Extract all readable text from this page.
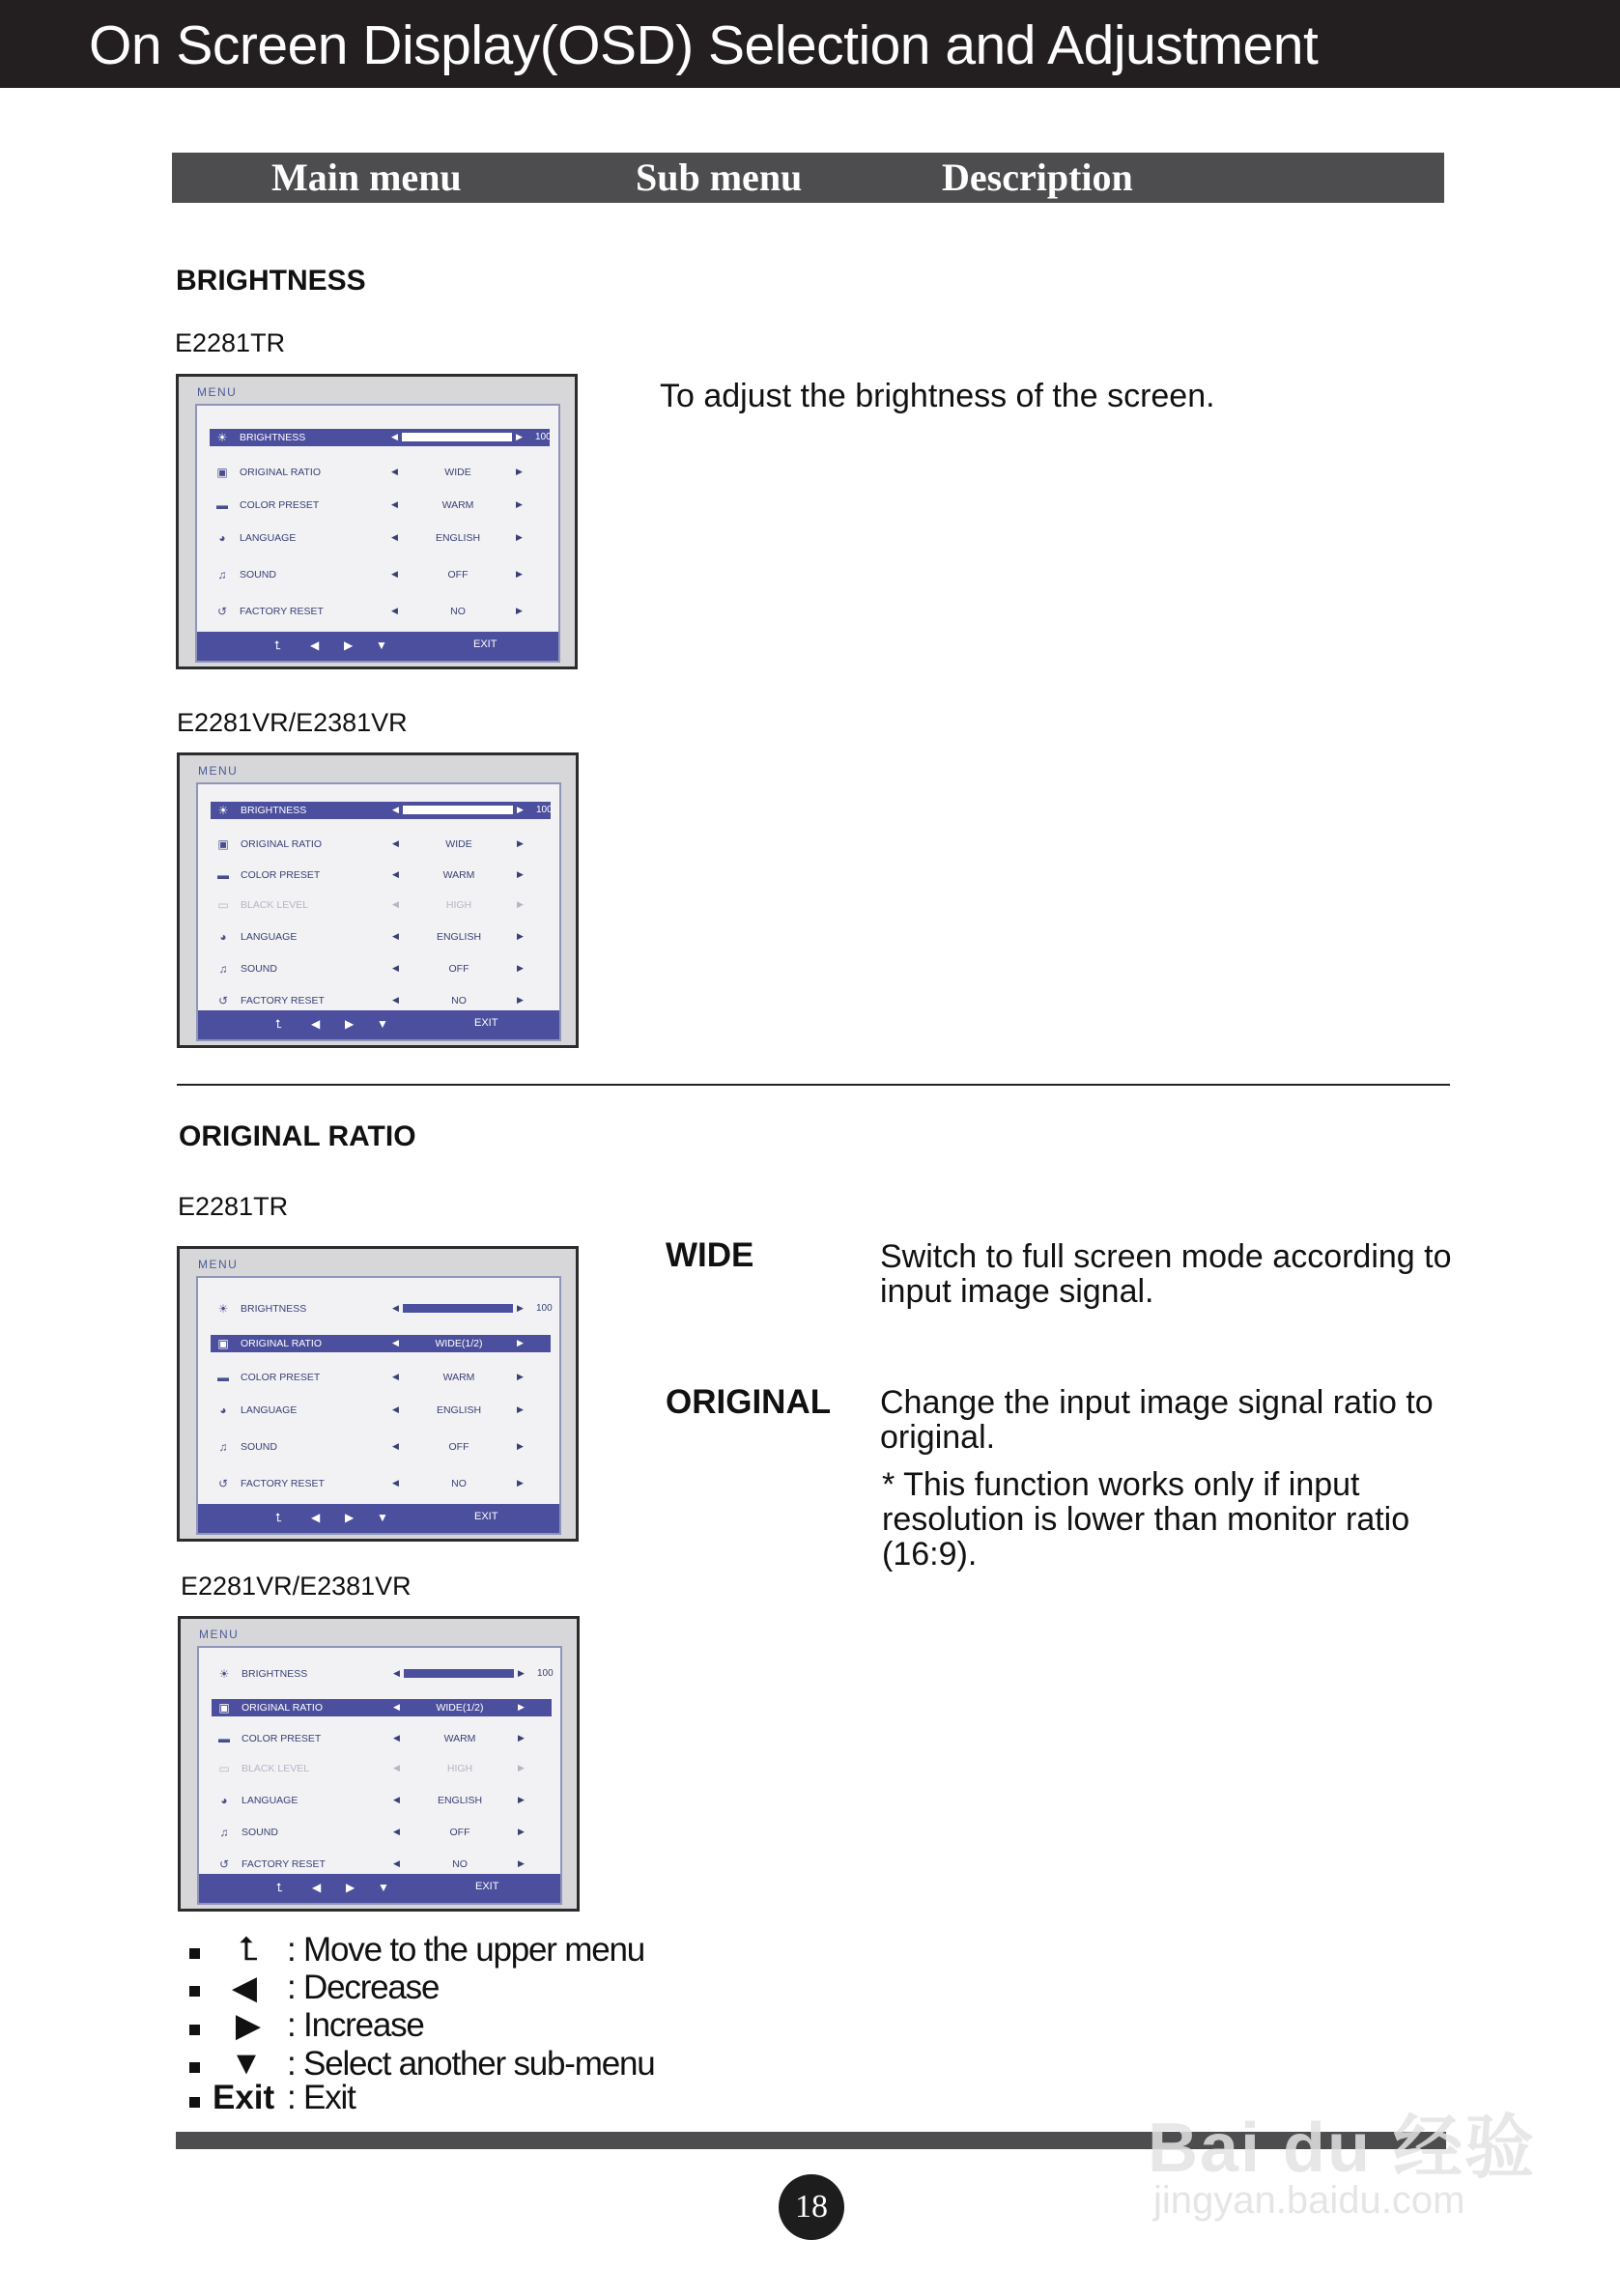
On Screen Display(OSD) Selection and Adjustment
Main menu	Sub menu	Description
BRIGHTNESS
E2281TR
To adjust the brightness of the screen.
MENU
☀ BRIGHTNESS	◀	▶ 100
▣ ORIGINAL RATIO	◀	WIDE	▶
▬ COLOR PRESET	◀	WARM	▶
◕	LANGUAGE	◀	ENGLISH	▶
♫ SOUND	◀	OFF	▶
↺ FACTORY RESET	◀	NO	▶
⮤ ◀ ▶ ▼	EXIT
E2281VR/E2381VR
MENU
☀ BRIGHTNESS	◀	▶ 100
▣ ORIGINAL RATIO	◀	WIDE	▶
▬ COLOR PRESET	◀	WARM	▶
▭ BLACK LEVEL	◀	HIGH	▶
◕	LANGUAGE	◀	ENGLISH	▶
♫ SOUND	◀	OFF	▶
↺ FACTORY RESET	◀	NO	▶
⮤ ◀ ▶ ▼	EXIT
ORIGINAL RATIO
E2281TR
WIDE	Switch to full screen mode according to input image signal.
ORIGINAL Change the input image signal ratio to original.
* This function works only if input resolution is lower than monitor ratio (16:9).
MENU
☀ BRIGHTNESS	◀	▶ 100
▣ ORIGINAL RATIO	◀	WIDE(1/2)	▶
▬ COLOR PRESET	◀	WARM	▶
◕	LANGUAGE	◀	ENGLISH	▶
♫ SOUND	◀	OFF	▶
↺ FACTORY RESET	◀	NO	▶
⮤ ◀ ▶ ▼	EXIT
E2281VR/E2381VR
MENU
☀ BRIGHTNESS	◀	▶ 100
▣ ORIGINAL RATIO	◀	WIDE(1/2)	▶
▬ COLOR PRESET	◀	WARM	▶
▭ BLACK LEVEL	◀	HIGH	▶
◕	LANGUAGE	◀	ENGLISH	▶
♫ SOUND	◀	OFF	▶
↺ FACTORY RESET	◀	NO	▶
⮤ ◀ ▶ ▼	EXIT
⮤ : Move to the upper menu
◀ : Decrease
▶ : Increase
▼ : Select another sub-menu
Exit : Exit
18
Bai du 经验
jingyan.baidu.com
